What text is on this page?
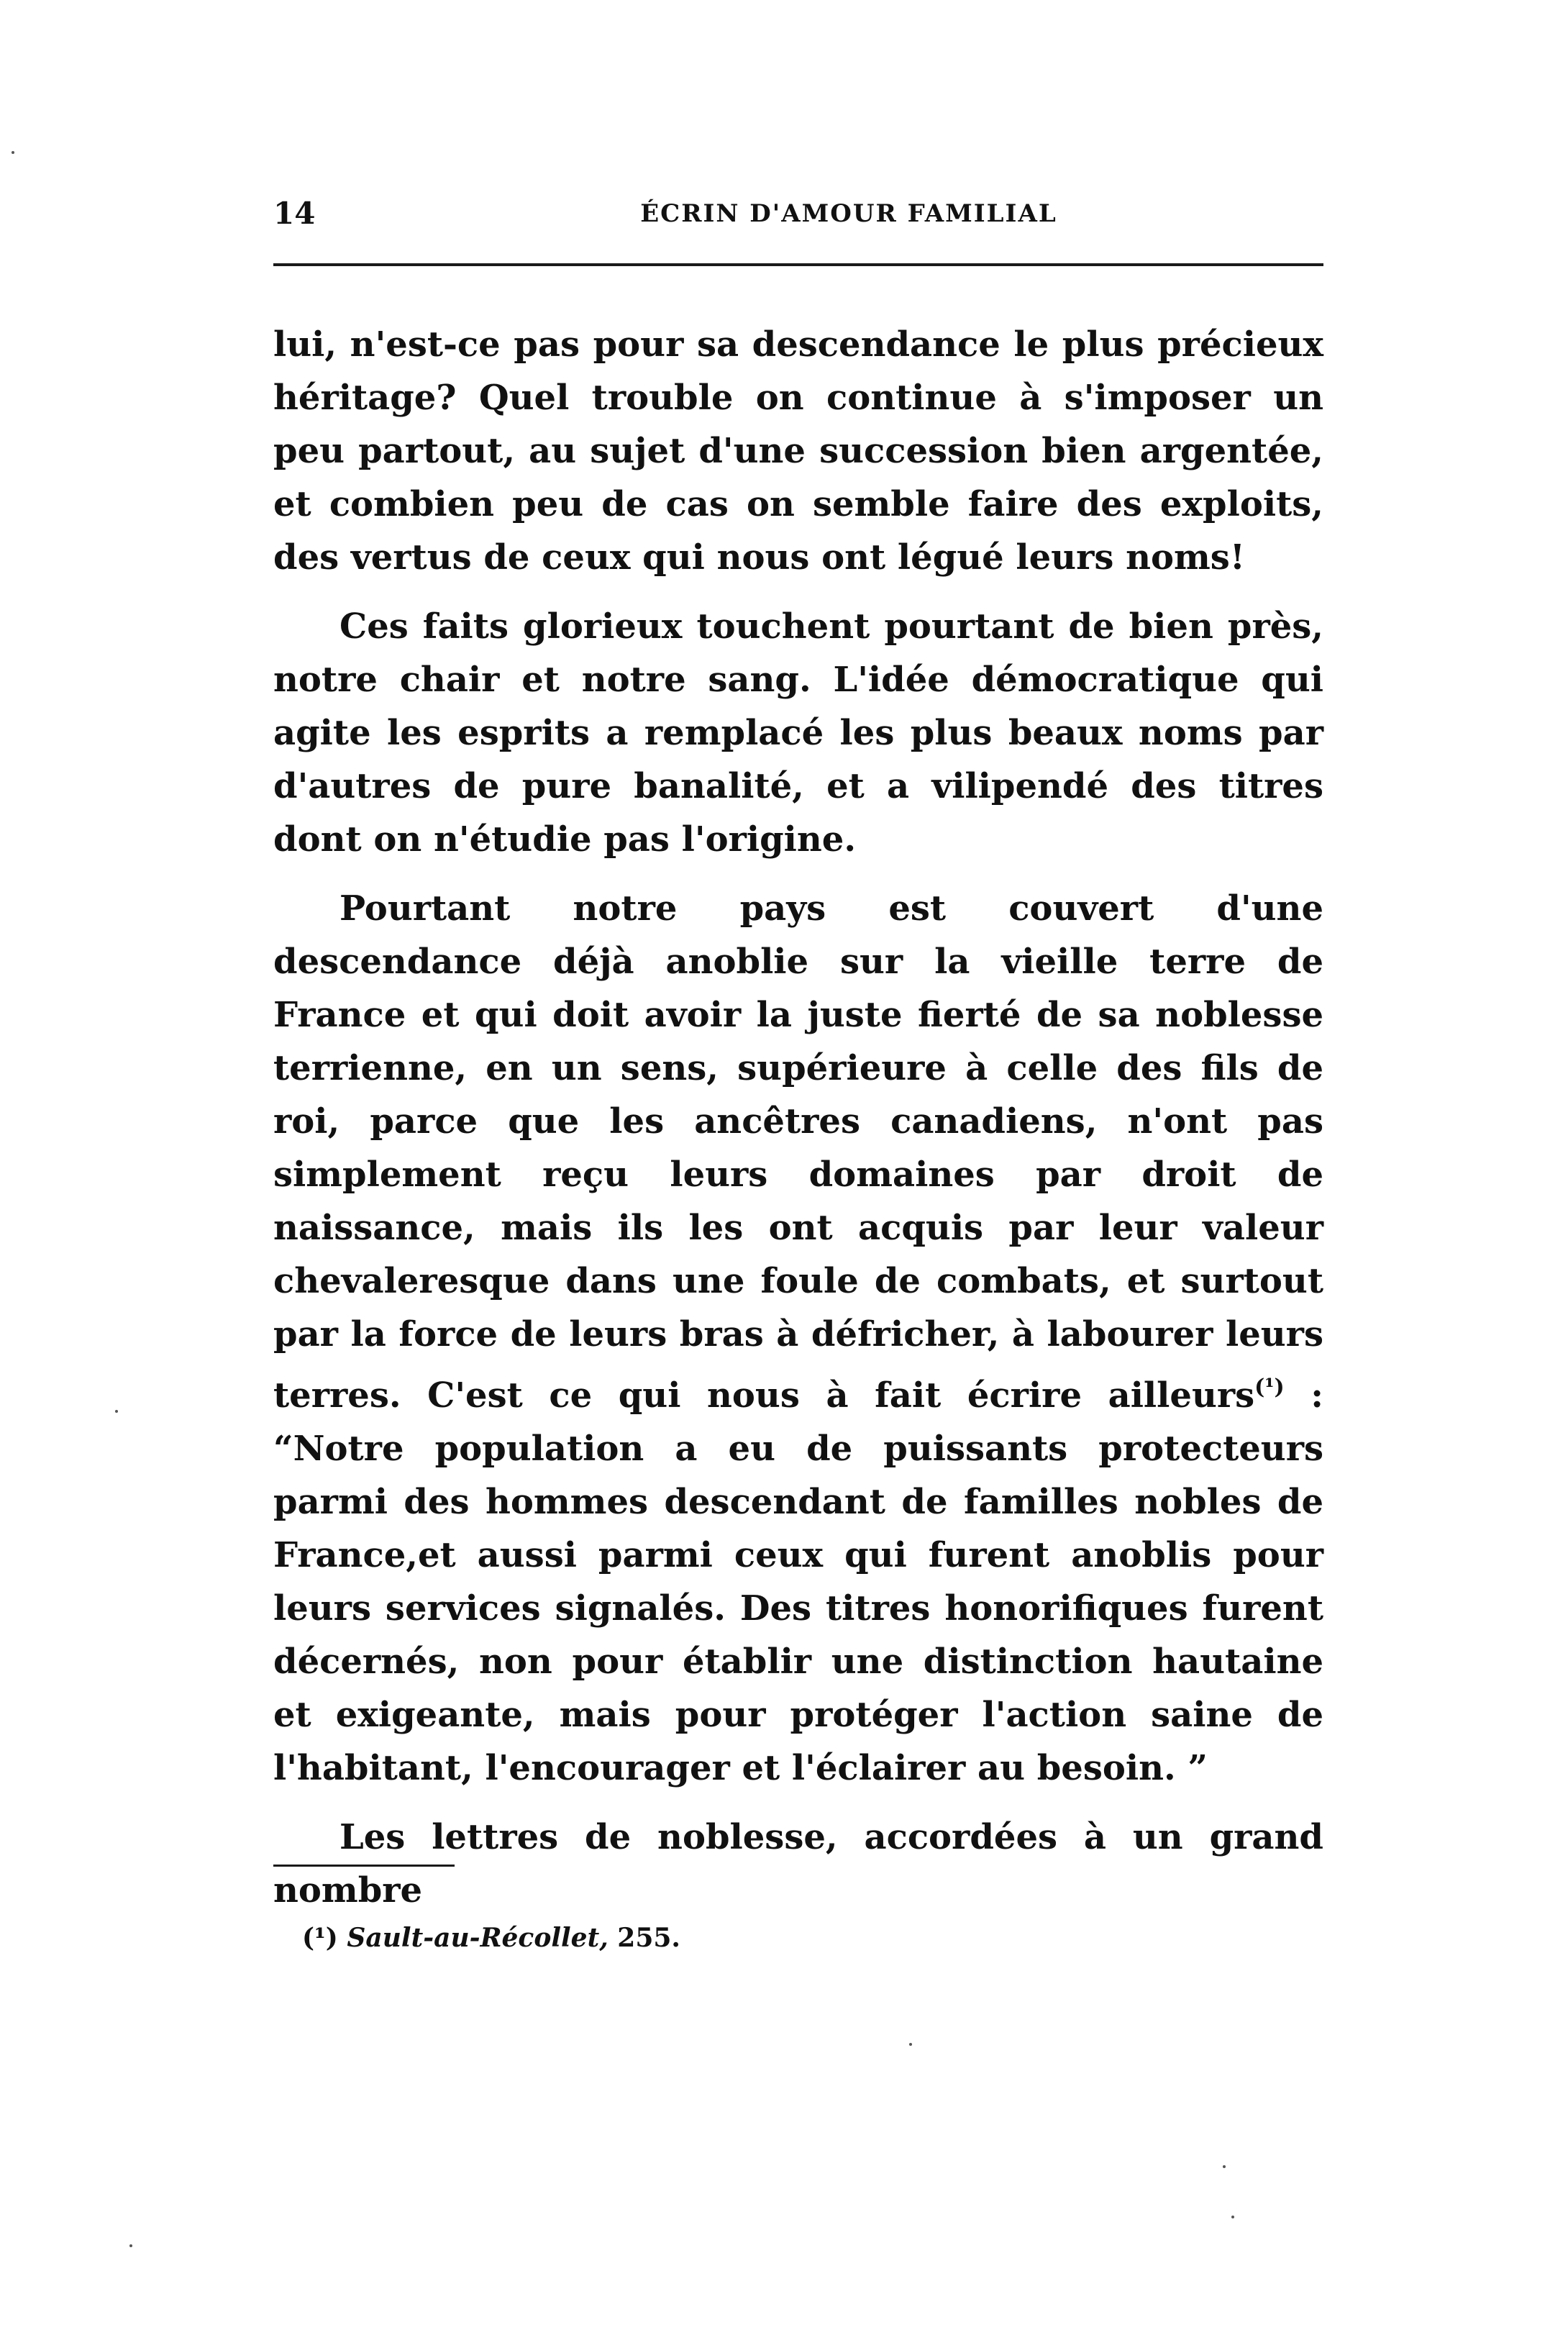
14	ÉCRIN D'AMOUR FAMILIAL

lui, n'est-ce pas pour sa descendance le plus précieux héritage? Quel trouble on continue à s'imposer un peu partout, au sujet d'une succession bien argentée, et combien peu de cas on semble faire des exploits, des vertus de ceux qui nous ont légué leurs noms!

Ces faits glorieux touchent pourtant de bien près, notre chair et notre sang. L'idée démocratique qui agite les esprits a remplacé les plus beaux noms par d'autres de pure banalité, et a vilipendé des titres dont on n'étudie pas l'origine.

Pourtant notre pays est couvert d'une descendance déjà anoblie sur la vieille terre de France et qui doit avoir la juste fierté de sa noblesse terrienne, en un sens, supérieure à celle des fils de roi, parce que les ancêtres canadiens, n'ont pas simplement reçu leurs domaines par droit de naissance, mais ils les ont acquis par leur valeur chevaleresque dans une foule de combats, et surtout par la force de leurs bras à défricher, à labourer leurs terres. C'est ce qui nous à fait écrire ailleurs$^{(^1)}$ : “Notre population a eu de puissants protecteurs parmi des hommes descendant de familles nobles de France,et aussi parmi ceux qui furent anoblis pour leurs services signalés. Des titres honorifiques furent décernés, non pour établir une distinction hautaine et exigeante, mais pour protéger l'action saine de l'habitant, l'encourager et l'éclairer au besoin. ”

Les lettres de noblesse, accordées à un grand nombre

(¹) Sault-au-Récollet, 255.
